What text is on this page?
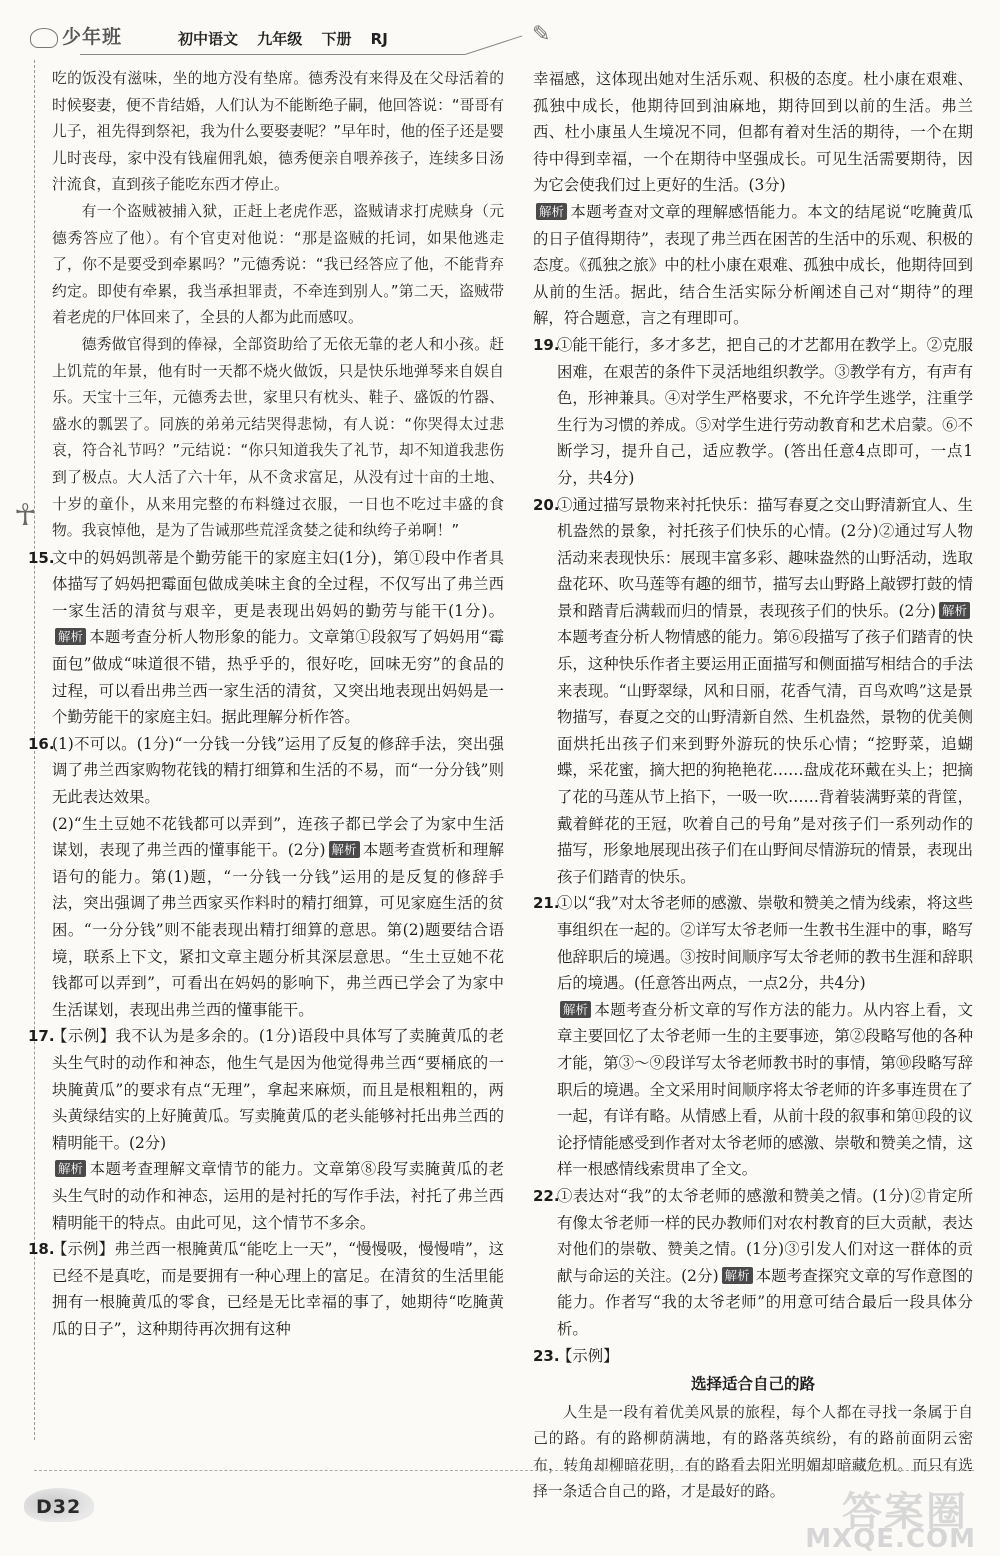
少年班	初中语文 九年级 下册 RJ	✎
☥

吃的饭没有滋味，坐的地方没有垫席。德秀没有来得及在父母活着的时候娶妻，便不肯结婚，人们认为不能断绝子嗣，他回答说：“哥哥有儿子，祖先得到祭祀，我为什么要娶妻呢？”早年时，他的侄子还是婴儿时丧母，家中没有钱雇佣乳娘，德秀便亲自喂养孩子，连续多日汤汁流食，直到孩子能吃东西才停止。

有一个盗贼被捕入狱，正赶上老虎作恶，盗贼请求打虎赎身（元德秀答应了他）。有个官吏对他说：“那是盗贼的托词，如果他逃走了，你不是要受到牵累吗？”元德秀说：“我已经答应了他，不能背弃约定。即使有牵累，我当承担罪责，不牵连到别人。”第二天，盗贼带着老虎的尸体回来了，全县的人都为此而感叹。

德秀做官得到的俸禄，全部资助给了无依无靠的老人和小孩。赶上饥荒的年景，他有时一天都不烧火做饭，只是快乐地弹琴来自娱自乐。天宝十三年，元德秀去世，家里只有枕头、鞋子、盛饭的竹器、盛水的瓢罢了。同族的弟弟元结哭得悲恸，有人说：“你哭得太过悲哀，符合礼节吗？”元结说：“你只知道我失了礼节，却不知道我悲伤到了极点。大人活了六十年，从不贪求富足，从没有过十亩的土地、十岁的童仆，从来用完整的布料缝过衣服，一日也不吃过丰盛的食物。我哀悼他，是为了告诫那些荒淫贪婪之徒和纨绔子弟啊！”

15.
文中的妈妈凯蒂是个勤劳能干的家庭主妇(1分)，第①段中作者具体描写了妈妈把霉面包做成美味主食的全过程，不仅写出了弗兰西一家生活的清贫与艰辛，更是表现出妈妈的勤劳与能干(1分)。解析 本题考查分析人物形象的能力。文章第①段叙写了妈妈用“霉面包”做成“味道很不错，热乎乎的，很好吃，回味无穷”的食品的过程，可以看出弗兰西一家生活的清贫，又突出地表现出妈妈是一个勤劳能干的家庭主妇。据此理解分析作答。
16.
(1)不可以。(1分)“一分钱一分钱”运用了反复的修辞手法，突出强调了弗兰西家购物花钱的精打细算和生活的不易，而“一分分钱”则无此表达效果。
(2)“生土豆她不花钱都可以弄到”，连孩子都已学会了为家中生活谋划，表现了弗兰西的懂事能干。(2分) 解析 本题考查赏析和理解语句的能力。第(1)题，“一分钱一分钱”运用的是反复的修辞手法，突出强调了弗兰西家买作料时的精打细算，可见家庭生活的贫困。“一分分钱”则不能表现出精打细算的意思。第(2)题要结合语境，联系上下文，紧扣文章主题分析其深层意思。“生土豆她不花钱都可以弄到”，可看出在妈妈的影响下，弗兰西已学会了为家中生活谋划，表现出弗兰西的懂事能干。
17.
【示例】我不认为是多余的。(1分)语段中具体写了卖腌黄瓜的老头生气时的动作和神态，他生气是因为他觉得弗兰西“要桶底的一块腌黄瓜”的要求有点“无理”，拿起来麻烦，而且是根粗粗的，两头黄绿结实的上好腌黄瓜。写卖腌黄瓜的老头能够衬托出弗兰西的精明能干。(2分)
解析 本题考查理解文章情节的能力。文章第⑧段写卖腌黄瓜的老头生气时的动作和神态，运用的是衬托的写作手法，衬托了弗兰西精明能干的特点。由此可见，这个情节不多余。
18.
【示例】弗兰西一根腌黄瓜“能吃上一天”，“慢慢吸，慢慢啃”，这已经不是真吃，而是要拥有一种心理上的富足。在清贫的生活里能拥有一根腌黄瓜的零食，已经是无比幸福的事了，她期待“吃腌黄瓜的日子”，这种期待再次拥有这种

幸福感，这体现出她对生活乐观、积极的态度。杜小康在艰难、孤独中成长，他期待回到油麻地，期待回到以前的生活。弗兰西、杜小康虽人生境况不同，但都有着对生活的期待，一个在期待中得到幸福，一个在期待中坚强成长。可见生活需要期待，因为它会使我们过上更好的生活。(3分)
解析 本题考查对文章的理解感悟能力。本文的结尾说“吃腌黄瓜的日子值得期待”，表现了弗兰西在困苦的生活中的乐观、积极的态度。《孤独之旅》中的杜小康在艰难、孤独中成长，他期待回到从前的生活。据此，结合生活实际分析阐述自己对“期待”的理解，符合题意，言之有理即可。

19.
①能干能行，多才多艺，把自己的才艺都用在教学上。②克服困难，在艰苦的条件下灵活地组织教学。③教学有方，有声有色，形神兼具。④对学生严格要求，不允许学生逃学，注重学生行为习惯的养成。⑤对学生进行劳动教育和艺术启蒙。⑥不断学习，提升自己，适应教学。(答出任意4点即可，一点1分，共4分)
20.
①通过描写景物来衬托快乐：描写春夏之交山野清新宜人、生机盎然的景象，衬托孩子们快乐的心情。(2分)②通过写人物活动来表现快乐：展现丰富多彩、趣味盎然的山野活动，选取盘花环、吹马莲等有趣的细节，描写去山野路上敲锣打鼓的情景和踏青后满载而归的情景，表现孩子们的快乐。(2分) 解析本题考查分析人物情感的能力。第⑥段描写了孩子们踏青的快乐，这种快乐作者主要运用正面描写和侧面描写相结合的手法来表现。“山野翠绿，风和日丽，花香气清，百鸟欢鸣”这是景物描写，春夏之交的山野清新自然、生机盎然，景物的优美侧面烘托出孩子们来到野外游玩的快乐心情；“挖野菜，追蝴蝶，采花蜜，摘大把的狗艳艳花……盘成花环戴在头上；把摘了花的马莲从节上掐下，一吸一吹……背着装满野菜的背筐，戴着鲜花的王冠，吹着自己的号角”是对孩子们一系列动作的描写，形象地展现出孩子们在山野间尽情游玩的情景，表现出孩子们踏青的快乐。
21.
①以“我”对太爷老师的感激、崇敬和赞美之情为线索，将这些事组织在一起的。②详写太爷老师一生教书生涯中的事，略写他辞职后的境遇。③按时间顺序写太爷老师的教书生涯和辞职后的境遇。(任意答出两点，一点2分，共4分)
解析 本题考查分析文章的写作方法的能力。从内容上看，文章主要回忆了太爷老师一生的主要事迹，第②段略写他的各种才能，第③～⑨段详写太爷老师教书时的事情，第⑩段略写辞职后的境遇。全文采用时间顺序将太爷老师的许多事连贯在了一起，有详有略。从情感上看，从前十段的叙事和第⑪段的议论抒情能感受到作者对太爷老师的感激、崇敬和赞美之情，这样一根感情线索贯串了全文。
22.
①表达对“我”的太爷老师的感激和赞美之情。(1分)②肯定所有像太爷老师一样的民办教师们对农村教育的巨大贡献，表达对他们的崇敬、赞美之情。(1分)③引发人们对这一群体的贡献与命运的关注。(2分) 解析 本题考查探究文章的写作意图的能力。作者写“我的太爷老师”的用意可结合最后一段具体分析。
23.
【示例】
选择适合自己的路

人生是一段有着优美风景的旅程，每个人都在寻找一条属于自己的路。有的路柳荫满地，有的路落英缤纷，有的路前面阴云密布，转角却柳暗花明，有的路看去阳光明媚却暗藏危机。而只有选择一条适合自己的路，才是最好的路。

D32	答案圈
MXQE.COM
